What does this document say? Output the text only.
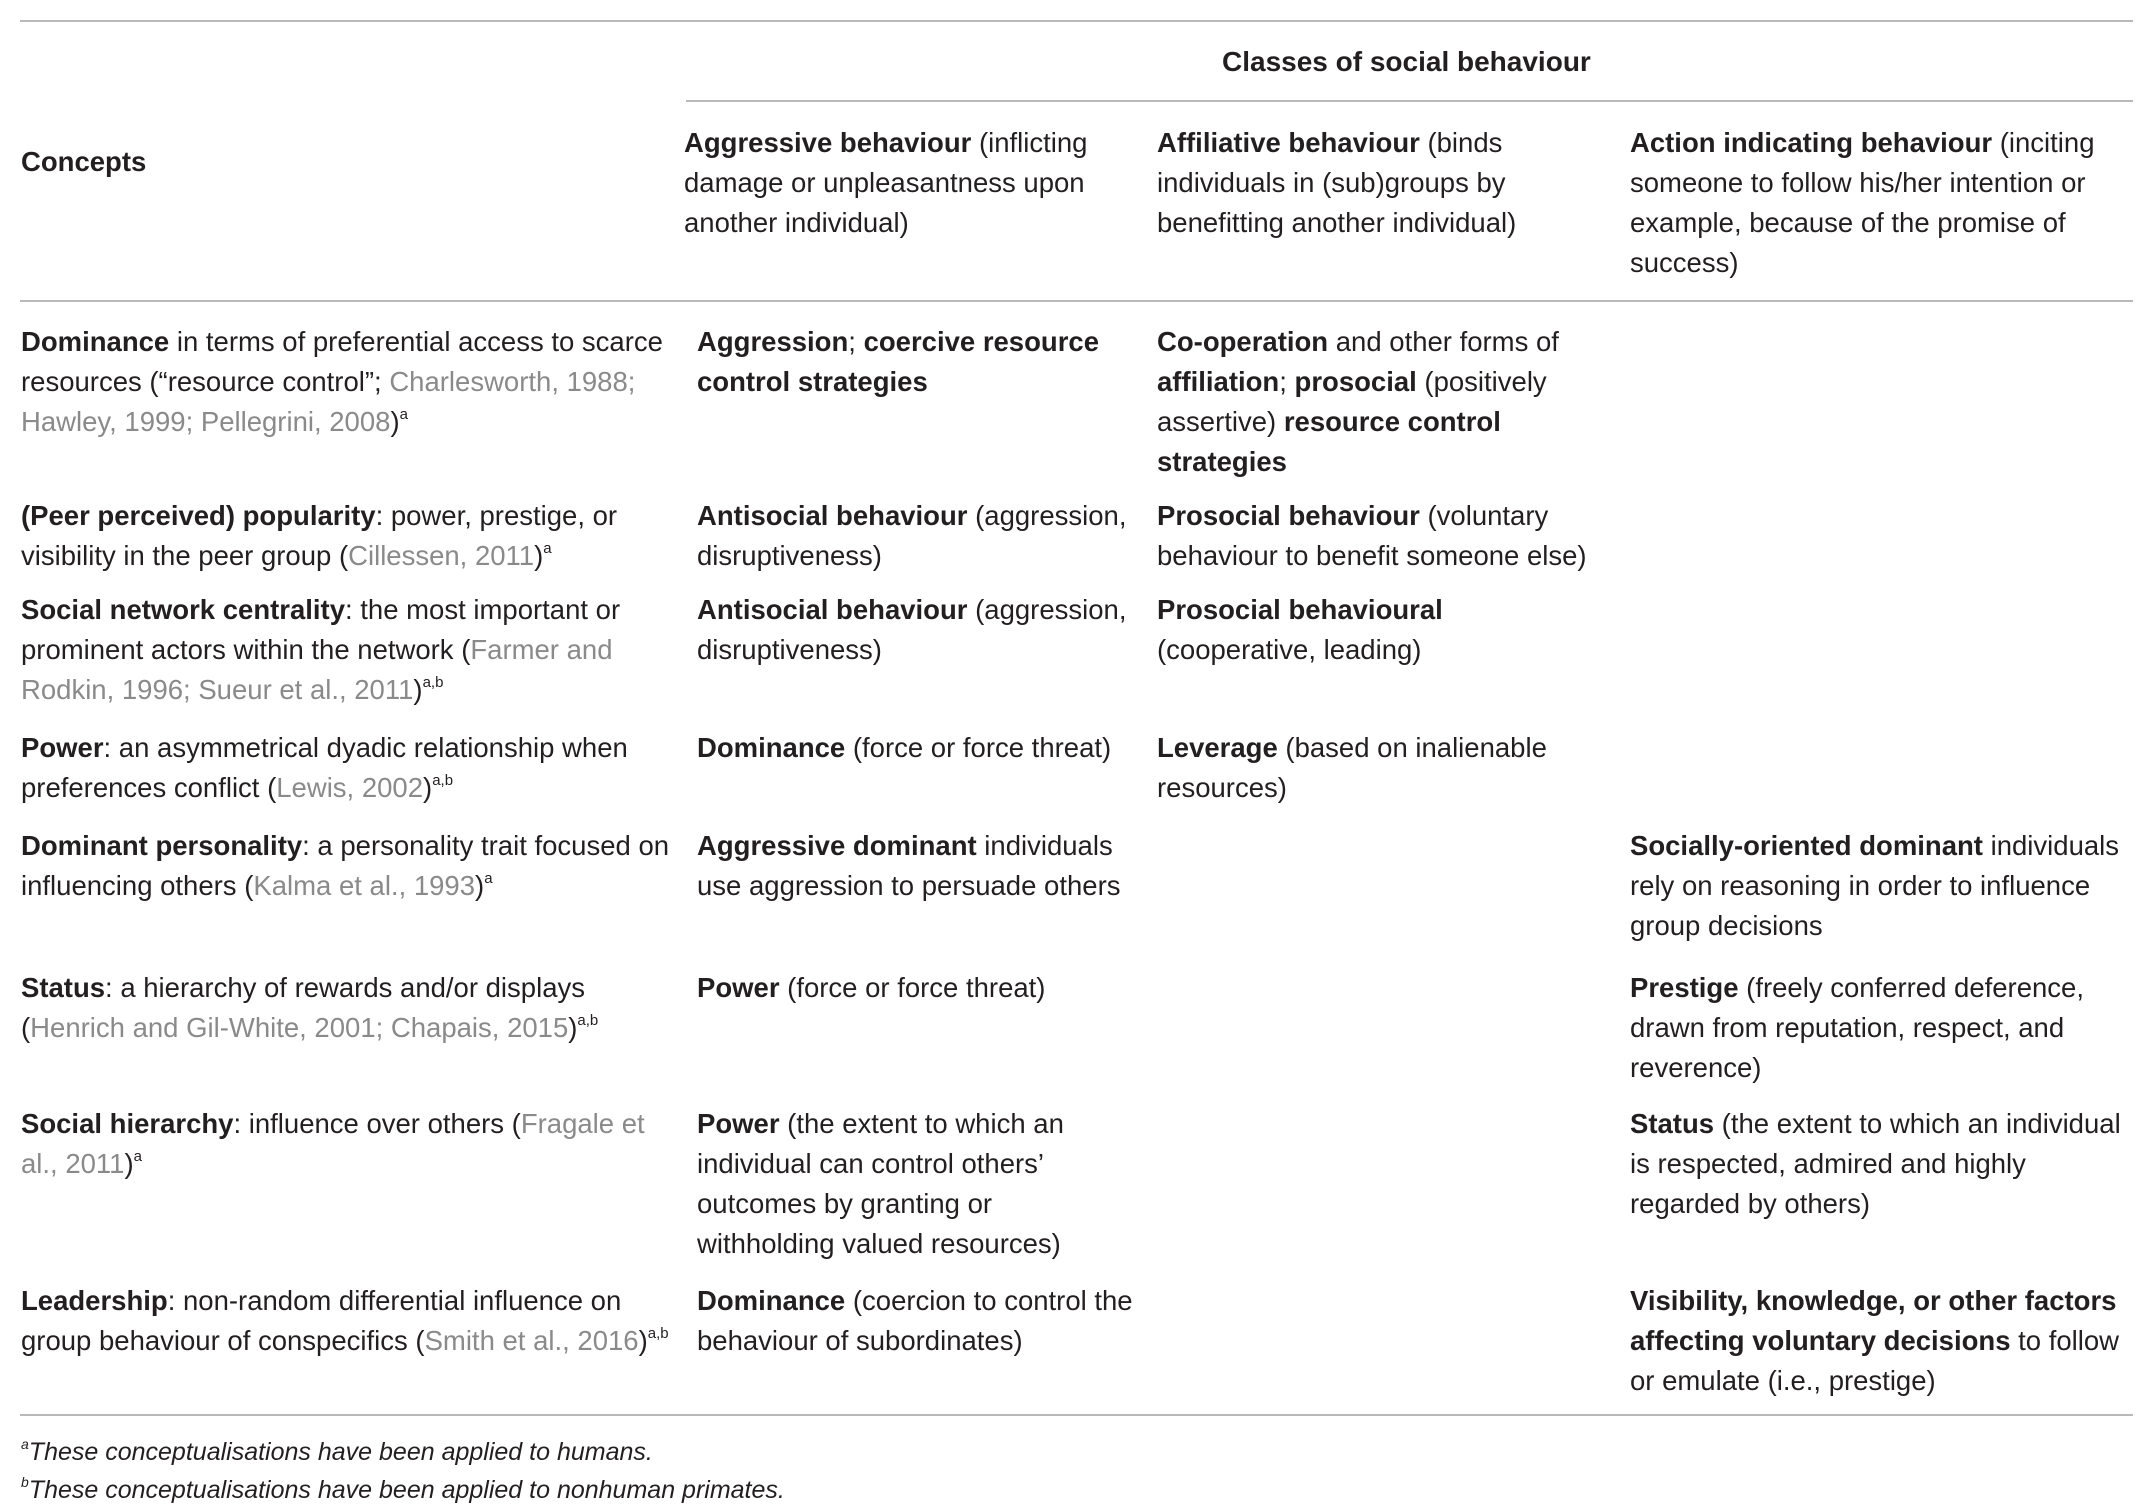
Classes of social behaviour
Concepts
Aggressive behaviour (inflicting damage or unpleasantness upon another individual)
Affiliative behaviour (binds individuals in (sub)groups by benefitting another individual)
Action indicating behaviour (inciting someone to follow his/her intention or example, because of the promise of success)
Dominance in terms of preferential access to scarce resources (“resource control”; Charlesworth, 1988; Hawley, 1999; Pellegrini, 2008)$^a$
Aggression; coercive resource control strategies
Co-operation and other forms of affiliation; prosocial (positively assertive) resource control strategies
(Peer perceived) popularity: power, prestige, or visibility in the peer group (Cillessen, 2011)$^a$
Antisocial behaviour (aggression, disruptiveness)
Prosocial behaviour (voluntary behaviour to benefit someone else)
Social network centrality: the most important or prominent actors within the network (Farmer and Rodkin, 1996; Sueur et al., 2011)$^{a,b}$
Antisocial behaviour (aggression, disruptiveness)
Prosocial behavioural (cooperative, leading)
Power: an asymmetrical dyadic relationship when preferences conflict (Lewis, 2002)$^{a,b}$
Dominance (force or force threat)	Leverage (based on inalienable resources)
Dominant personality: a personality trait focused on influencing others (Kalma et al., 1993)$^a$
Aggressive dominant individuals use aggression to persuade others
Socially-oriented dominant individuals rely on reasoning in order to influence group decisions
Status: a hierarchy of rewards and/or displays (Henrich and Gil-White, 2001; Chapais, 2015)$^{a,b}$
Power (force or force threat)	Prestige (freely conferred deference, drawn from reputation, respect, and reverence)
Social hierarchy: influence over others (Fragale et al., 2011)$^a$
Power (the extent to which an individual can control others’ outcomes by granting or withholding valued resources)
Status (the extent to which an individual is respected, admired and highly regarded by others)
Leadership: non-random differential influence on group behaviour of conspecifics (Smith et al., 2016)$^{a,b}$
Dominance (coercion to control the behaviour of subordinates)
Visibility, knowledge, or other factors affecting voluntary decisions to follow or emulate (i.e., prestige)
$^a$These conceptualisations have been applied to humans.
$^b$These conceptualisations have been applied to nonhuman primates.
